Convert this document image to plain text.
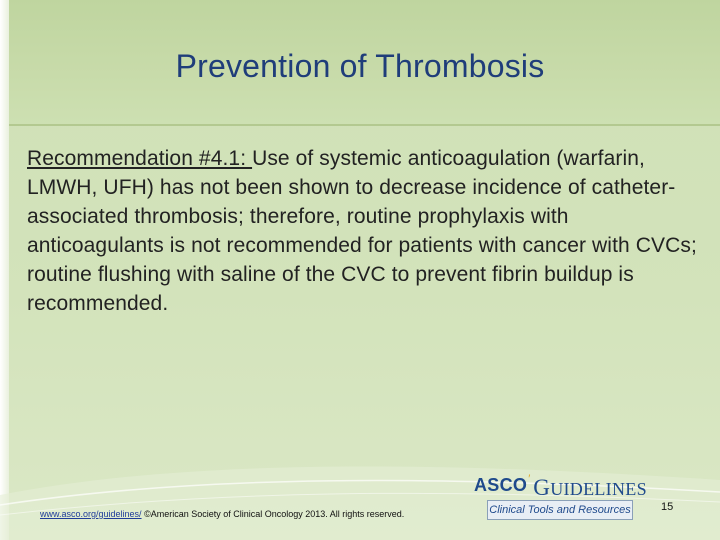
Prevention of Thrombosis
Recommendation #4.1: Use of systemic anticoagulation (warfarin, LMWH, UFH) has not been shown to decrease incidence of catheter-associated thrombosis; therefore, routine prophylaxis with anticoagulants is not recommended for patients with cancer with CVCs; routine flushing with saline of the CVC to prevent fibrin buildup is recommended.
www.asco.org/guidelines/ ©American Society of Clinical Oncology 2013. All rights reserved.
ASCO′ GUIDELINES
Clinical Tools and Resources	15
